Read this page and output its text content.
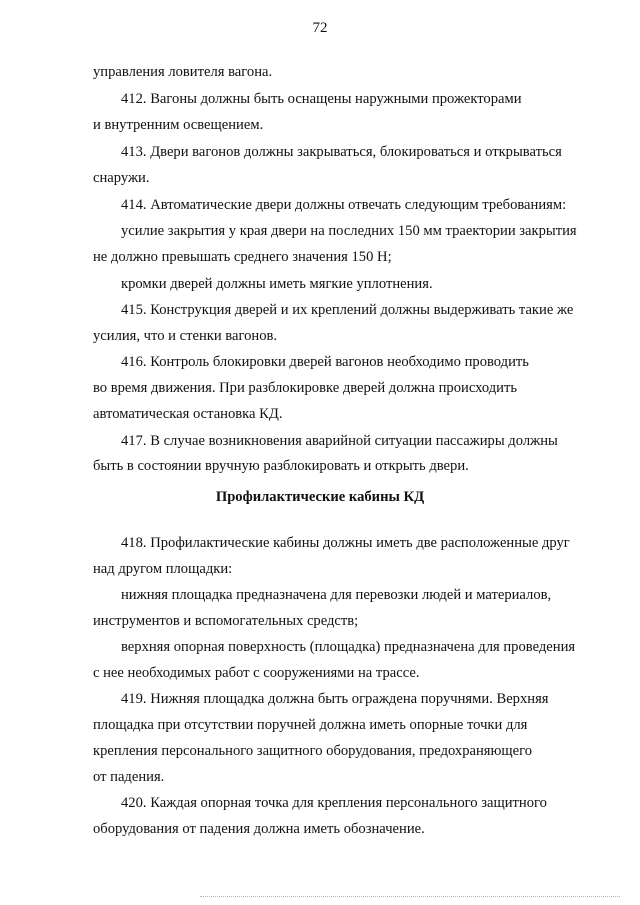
72
управления ловителя вагона.
412. Вагоны должны быть оснащены наружными прожекторами
и внутренним освещением.
413. Двери вагонов должны закрываться, блокироваться и открываться
снаружи.
414. Автоматические двери должны отвечать следующим требованиям:
усилие закрытия у края двери на последних 150 мм траектории закрытия
не должно превышать среднего значения 150 Н;
кромки дверей должны иметь мягкие уплотнения.
415. Конструкция дверей и их креплений должны выдерживать такие же
усилия, что и стенки вагонов.
416. Контроль блокировки дверей вагонов необходимо проводить
во время движения. При разблокировке дверей должна происходить
автоматическая остановка КД.
417. В случае возникновения аварийной ситуации пассажиры должны
быть в состоянии вручную разблокировать и открыть двери.
Профилактические кабины КД
418. Профилактические кабины должны иметь две расположенные друг
над другом площадки:
нижняя площадка предназначена для перевозки людей и материалов,
инструментов и вспомогательных средств;
верхняя опорная поверхность (площадка) предназначена для проведения
с нее необходимых работ с сооружениями на трассе.
419. Нижняя площадка должна быть ограждена поручнями. Верхняя
площадка при отсутствии поручней должна иметь опорные точки для
крепления персонального защитного оборудования, предохраняющего
от падения.
420. Каждая опорная точка для крепления персонального защитного
оборудования от падения должна иметь обозначение.
